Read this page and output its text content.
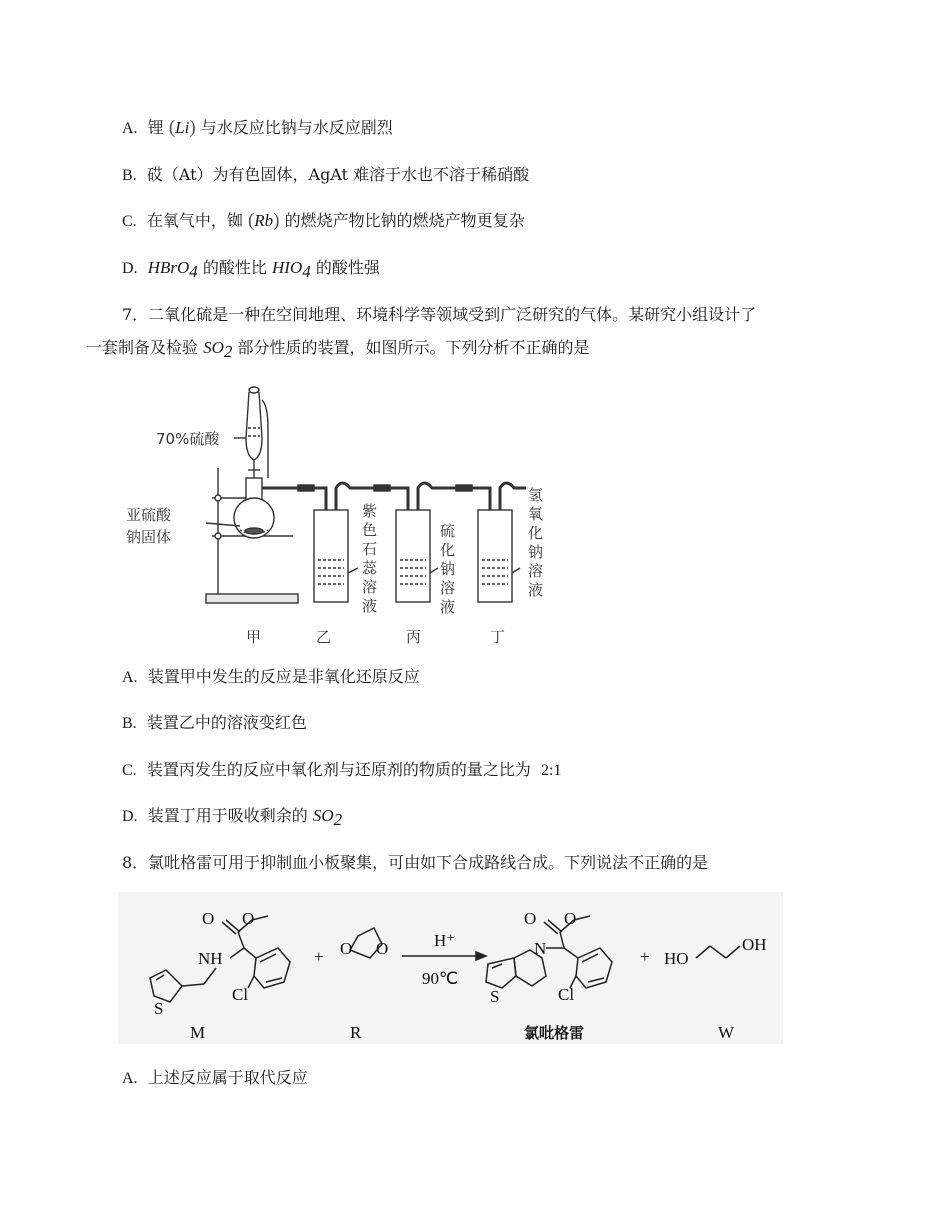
A. 锂 (Li) 与水反应比钠与水反应剧烈
B. 砹（At）为有色固体，AgAt 难溶于水也不溶于稀硝酸
C. 在氧气中，铷 (Rb) 的燃烧产物比钠的燃烧产物更复杂
D. HBrO$_4$ 的酸性比 $HIO_4$ 的酸性强
7．二氧化硫是一种在空间地理、环境科学等领域受到广泛研究的气体。某研究小组设计了
一套制备及检验 $SO_2$ 部分性质的装置，如图所示。下列分析不正确的是
70%硫酸
亚硫酸
钠固体
紫
色
石
蕊
溶
液
硫
化
钠
溶
液
氢
氧
化
钠
溶
液
甲	乙	丙	丁
A. 装置甲中发生的反应是非氧化还原反应
B. 装置乙中的溶液变红色
C. 装置丙发生的反应中氧化剂与还原剂的物质的量之比为 2:1
D. 装置丁用于吸收剩余的 $SO_2$
8．氯吡格雷可用于抑制血小板聚集，可由如下合成路线合成。下列说法不正确的是
O O
NH
Cl
S
+ O O	H⁺
90℃
O O
N
Cl
S
+ HO
OH
M	R	氯吡格雷	W
A. 上述反应属于取代反应
